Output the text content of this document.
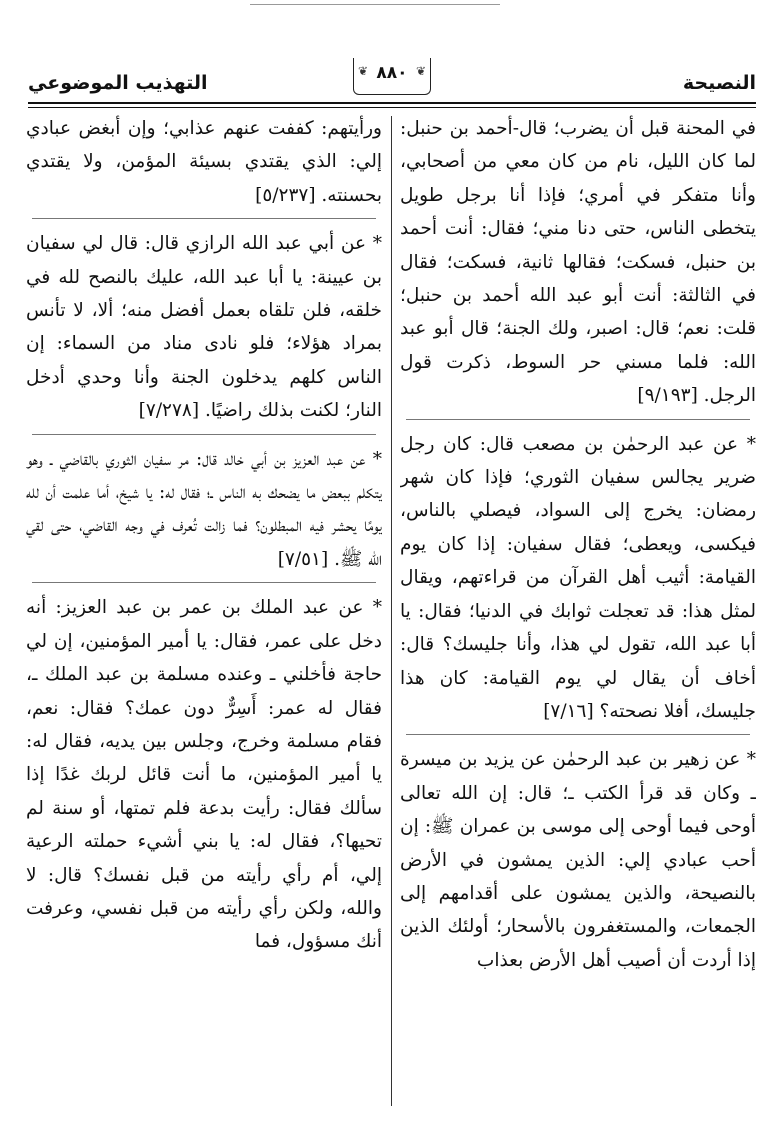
النصيحة
❦
٨٨٠
❦
التهذيب الموضوعي

في المحنة قبل أن يضرب؛ قال-أحمد بن حنبل: لما كان الليل، نام من كان معي من أصحابي، وأنا متفكر في أمري؛ فإذا أنا برجل طويل يتخطى الناس، حتى دنا مني؛ فقال: أنت أحمد بن حنبل، فسكت؛ فقالها ثانية، فسكت؛ فقال في الثالثة: أنت أبو عبد الله أحمد بن حنبل؛ قلت: نعم؛ قال: اصبر، ولك الجنة؛ قال أبو عبد الله: فلما مسني حر السوط، ذكرت قول الرجل. [٩/١٩٣]

* عن عبد الرحمٰن بن مصعب قال: كان رجل ضرير يجالس سفيان الثوري؛ فإذا كان شهر رمضان: يخرج إلى السواد، فيصلي بالناس، فيكسى، ويعطى؛ فقال سفيان: إذا كان يوم القيامة: أثيب أهل القرآن من قراءتهم، ويقال لمثل هذا: قد تعجلت ثوابك في الدنيا؛ فقال: يا أبا عبد الله، تقول لي هذا، وأنا جليسك؟ قال: أخاف أن يقال لي يوم القيامة: كان هذا جليسك، أفلا نصحته؟ [٧/١٦]

* عن زهير بن عبد الرحمٰن عن يزيد بن ميسرة ـ وكان قد قرأ الكتب ـ؛ قال: إن الله تعالى أوحى فيما أوحى إلى موسى بن عمران ﷺ: إن أحب عبادي إلي: الذين يمشون في الأرض بالنصيحة، والذين يمشون على أقدامهم إلى الجمعات، والمستغفرون بالأسحار؛ أولئك الذين إذا أردت أن أصيب أهل الأرض بعذاب

ورأيتهم: كففت عنهم عذابي؛ وإن أبغض عبادي إلي: الذي يقتدي بسيئة المؤمن، ولا يقتدي بحسنته. [٥/٢٣٧]

* عن أبي عبد الله الرازي قال: قال لي سفيان بن عيينة: يا أبا عبد الله، عليك بالنصح لله في خلقه، فلن تلقاه بعمل أفضل منه؛ ألا، لا تأنس بمراد هؤلاء؛ فلو نادى مناد من السماء: إن الناس كلهم يدخلون الجنة وأنا وحدي أدخل النار؛ لكنت بذلك راضيًا. [٧/٢٧٨]

* عن عبد العزيز بن أبي خالد قال: مر سفيان الثوري بالقاضي ـ وهو يتكلم ببعض ما يضحك به الناس ـ؛ فقال له: يا شيخ، أما علمت أن لله يومًا يحشر فيه المبطلون؟ فما زالت تُعرف في وجه القاضي، حتى لقي الله ﷺ. [٧/٥١]

* عن عبد الملك بن عمر بن عبد العزيز: أنه دخل على عمر، فقال: يا أمير المؤمنين، إن لي حاجة فأخلني ـ وعنده مسلمة بن عبد الملك ـ، فقال له عمر: أَسِرٌّ دون عمك؟ فقال: نعم، فقام مسلمة وخرج، وجلس بين يديه، فقال له: يا أمير المؤمنين، ما أنت قائل لربك غدًا إذا سألك فقال: رأيت بدعة فلم تمتها، أو سنة لم تحيها؟، فقال له: يا بني أشيء حملته الرعية إلي، أم رأي رأيته من قبل نفسك؟ قال: لا والله، ولكن رأي رأيته من قبل نفسي، وعرفت أنك مسؤول، فما
